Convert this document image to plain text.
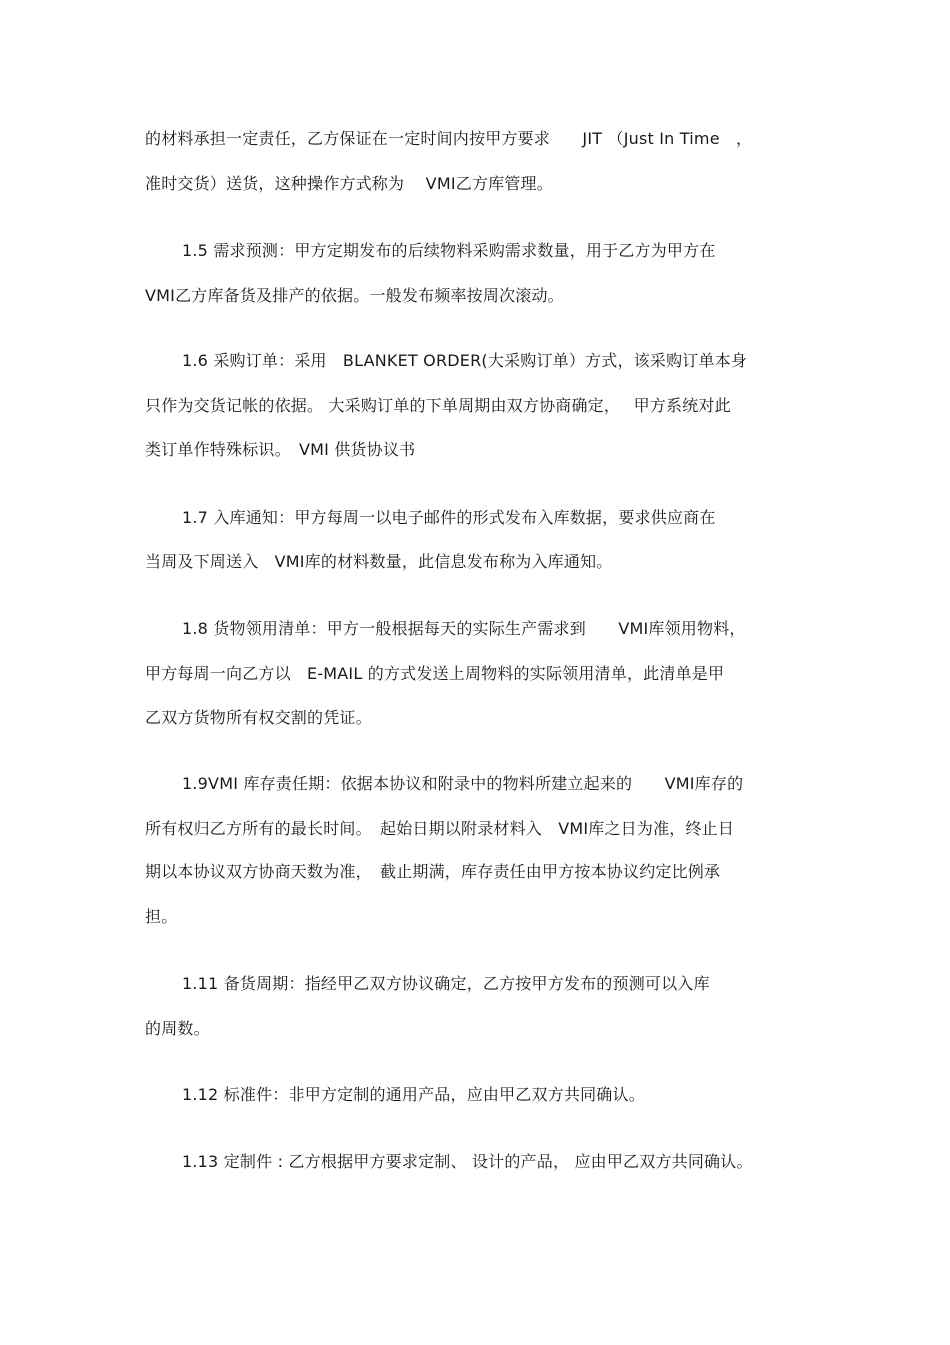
的材料承担一定责任，乙方保证在一定时间内按甲方要求　　JIT （Just In Time　，
准时交货）送货，这种操作方式称为　 VMI乙方库管理。
1.5 需求预测：甲方定期发布的后续物料采购需求数量，用于乙方为甲方在
VMI乙方库备货及排产的依据。一般发布频率按周次滚动。
1.6 采购订单：采用　BLANKET ORDER(大采购订单）方式，该采购订单本身
只作为交货记帐的依据。 大采购订单的下单周期由双方协商确定，　 甲方系统对此
类订单作特殊标识。　VMI 供货协议书
1.7 入库通知：甲方每周一以电子邮件的形式发布入库数据，要求供应商在
当周及下周送入　VMI库的材料数量，此信息发布称为入库通知。
1.8 货物领用清单：甲方一般根据每天的实际生产需求到　　VMI库领用物料，
甲方每周一向乙方以　E-MAIL 的方式发送上周物料的实际领用清单，此清单是甲
乙双方货物所有权交割的凭证。
1.9VMI 库存责任期：依据本协议和附录中的物料所建立起来的　　VMI库存的
所有权归乙方所有的最长时间。　起始日期以附录材料入　VMI库之日为准，终止日
期以本协议双方协商天数为准，　截止期满，库存责任由甲方按本协议约定比例承
担。
1.11 备货周期：指经甲乙双方协议确定，乙方按甲方发布的预测可以入库
的周数。
1.12 标准件：非甲方定制的通用产品，应由甲乙双方共同确认。
1.13 定制件 : 乙方根据甲方要求定制、 设计的产品， 应由甲乙双方共同确认。
